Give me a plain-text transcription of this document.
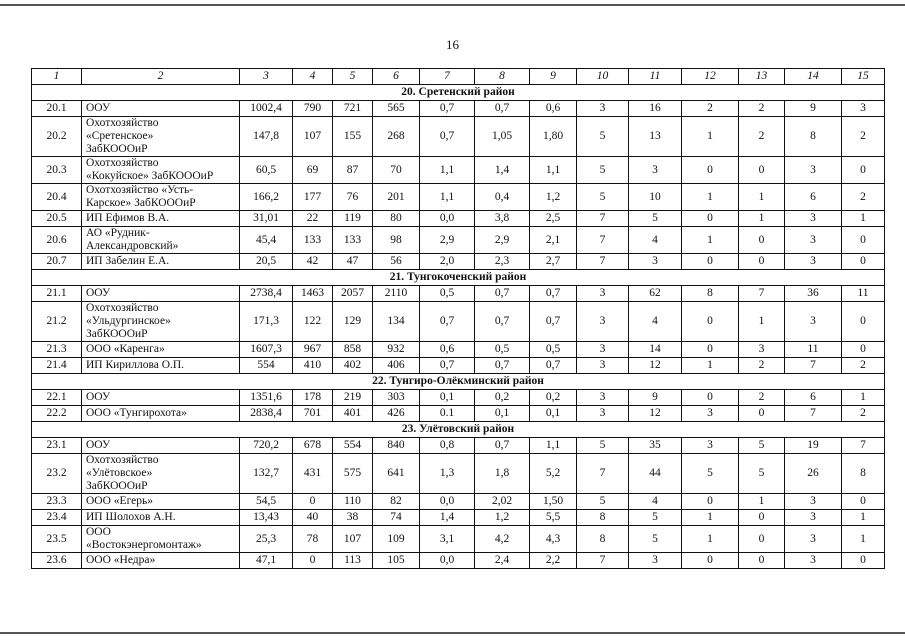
16
1	2	3	4	5	6	7	8	9	10	11	12	13	14	15
20. Сретенский район														
20.1	ООУ	1002,4	790	721	565	0,7	0,7	0,6	3	16	2	2	9	3
20.2	Охотхозяйство
«Сретенское»
ЗабКОООиР	147,8	107	155	268	0,7	1,05	1,80	5	13	1	2	8	2
20.3	Охотхозяйство
«Кокуйское» ЗабКОООиР	60,5	69	87	70	1,1	1,4	1,1	5	3	0	0	3	0
20.4	Охотхозяйство «Усть-
Карское» ЗабКОООиР	166,2	177	76	201	1,1	0,4	1,2	5	10	1	1	6	2
20.5	ИП Ефимов В.А.	31,01	22	119	80	0,0	3,8	2,5	7	5	0	1	3	1
20.6	АО «Рудник-
Александровский»	45,4	133	133	98	2,9	2,9	2,1	7	4	1	0	3	0
20.7	ИП Забелин Е.А.	20,5	42	47	56	2,0	2,3	2,7	7	3	0	0	3	0
21. Тунгокоченский район														
21.1	ООУ	2738,4	1463	2057	2110	0,5	0,7	0,7	3	62	8	7	36	11
21.2	Охотхозяйство
«Ульдургинское»
ЗабКОООиР	171,3	122	129	134	0,7	0,7	0,7	3	4	0	1	3	0
21.3	ООО «Каренга»	1607,3	967	858	932	0,6	0,5	0,5	3	14	0	3	11	0
21.4	ИП Кириллова О.П.	554	410	402	406	0,7	0,7	0,7	3	12	1	2	7	2
22. Тунгиро-Олёкминский район														
22.1	ООУ	1351,6	178	219	303	0,1	0,2	0,2	3	9	0	2	6	1
22.2	ООО «Тунгирохота»	2838,4	701	401	426	0.1	0,1	0,1	3	12	3	0	7	2
23. Улётовский район														
23.1	ООУ	720,2	678	554	840	0,8	0,7	1,1	5	35	3	5	19	7
23.2	Охотхозяйство
«Улётовское»
ЗабКОООиР	132,7	431	575	641	1,3	1,8	5,2	7	44	5	5	26	8
23.3	ООО «Егерь»	54,5	0	110	82	0,0	2,02	1,50	5	4	0	1	3	0
23.4	ИП Шолохов А.Н.	13,43	40	38	74	1,4	1,2	5,5	8	5	1	0	3	1
23.5	ООО
«Востокэнергомонтаж»	25,3	78	107	109	3,1	4,2	4,3	8	5	1	0	3	1
23.6	ООО «Недра»	47,1	0	113	105	0,0	2,4	2,2	7	3	0	0	3	0
